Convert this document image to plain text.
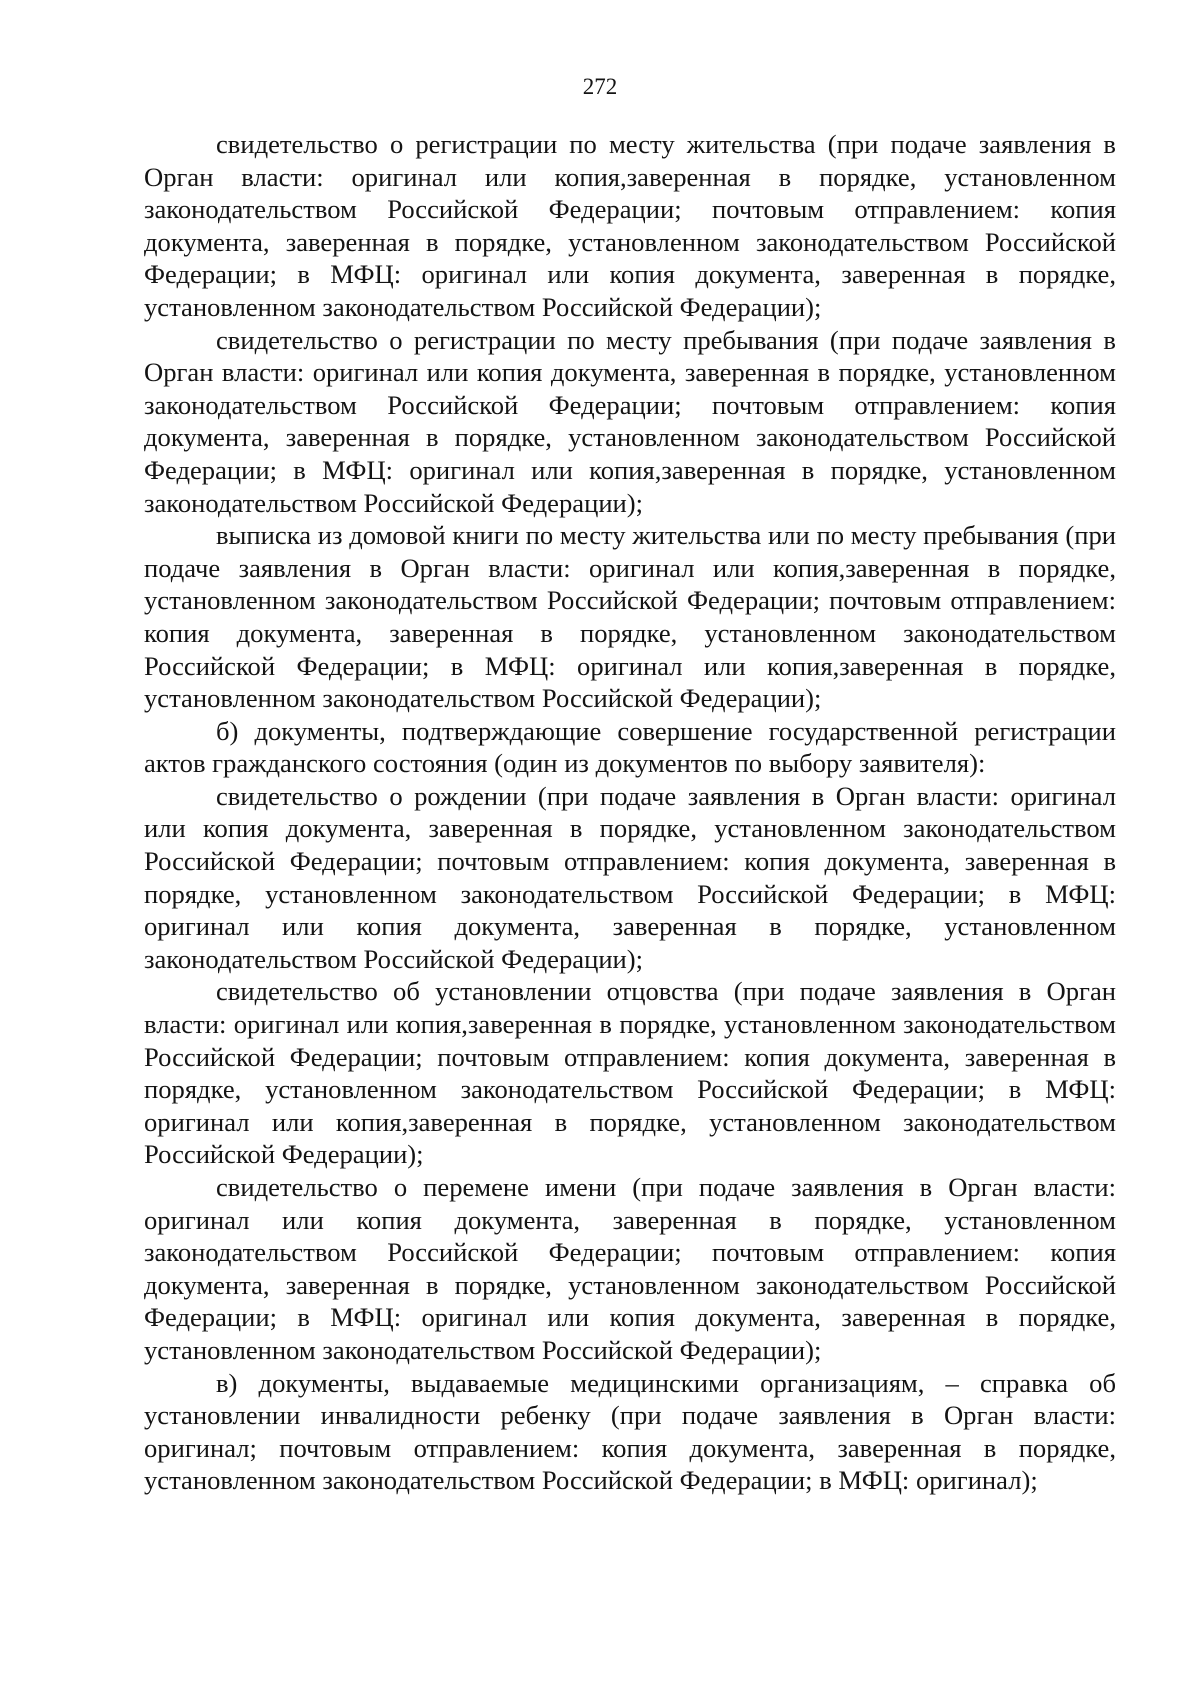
272

свидетельство о регистрации по месту жительства (при подаче заявления в Орган власти: оригинал или копия,заверенная в порядке, установленном законодательством Российской Федерации; почтовым отправлением: копия документа, заверенная в порядке, установленном законодательством Российской Федерации; в МФЦ: оригинал или копия документа, заверенная в порядке, установленном законодательством Российской Федерации);

свидетельство о регистрации по месту пребывания (при подаче заявления в Орган власти: оригинал или копия документа, заверенная в порядке, установленном законодательством Российской Федерации; почтовым отправлением: копия документа, заверенная в порядке, установленном законодательством Российской Федерации; в МФЦ: оригинал или копия,заверенная в порядке, установленном законодательством Российской Федерации);

выписка из домовой книги по месту жительства или по месту пребывания (при подаче заявления в Орган власти: оригинал или копия,заверенная в порядке, установленном законодательством Российской Федерации; почтовым отправлением: копия документа, заверенная в порядке, установленном законодательством Российской Федерации; в МФЦ: оригинал или копия,заверенная в порядке, установленном законодательством Российской Федерации);

б) документы, подтверждающие совершение государственной регистрации актов гражданского состояния (один из документов по выбору заявителя):

свидетельство о рождении (при подаче заявления в Орган власти: оригинал или копия документа, заверенная в порядке, установленном законодательством Российской Федерации; почтовым отправлением: копия документа, заверенная в порядке, установленном законодательством Российской Федерации; в МФЦ: оригинал или копия документа, заверенная в порядке, установленном законодательством Российской Федерации);

свидетельство об установлении отцовства (при подаче заявления в Орган власти: оригинал или копия,заверенная в порядке, установленном законодательством Российской Федерации; почтовым отправлением: копия документа, заверенная в порядке, установленном законодательством Российской Федерации; в МФЦ: оригинал или копия,заверенная в порядке, установленном законодательством Российской Федерации);

свидетельство о перемене имени (при подаче заявления в Орган власти: оригинал или копия документа, заверенная в порядке, установленном законодательством Российской Федерации; почтовым отправлением: копия документа, заверенная в порядке, установленном законодательством Российской Федерации; в МФЦ: оригинал или копия документа, заверенная в порядке, установленном законодательством Российской Федерации);

в) документы, выдаваемые медицинскими организациям, – справка об установлении инвалидности ребенку (при подаче заявления в Орган власти: оригинал; почтовым отправлением: копия документа, заверенная в порядке, установленном законодательством Российской Федерации; в МФЦ: оригинал);
